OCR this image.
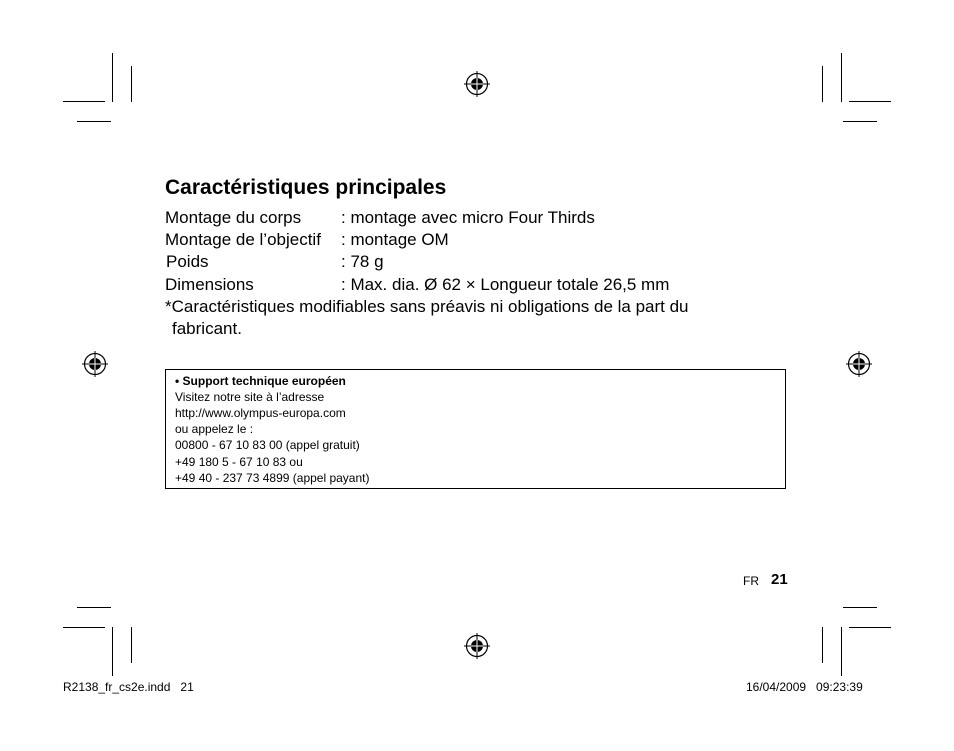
Caractéristiques principales
Montage du corps : montage avec micro Four Thirds
Montage de l’objectif : montage OM
Poids	: 78 g
Dimensions	: Max. dia. Ø 62 × Longueur totale 26,5 mm
*Caractéristiques modifiables sans préavis ni obligations de la part du
fabricant.
• Support technique européen
Visitez notre site à l’adresse
http://www.olympus-europa.com
ou appelez le :
00800 - 67 10 83 00 (appel gratuit)
+49 180 5 - 67 10 83 ou
+49 40 - 237 73 4899 (appel payant)
FR 21
R2138_fr_cs2e.indd   21	16/04/2009   09:23:39
